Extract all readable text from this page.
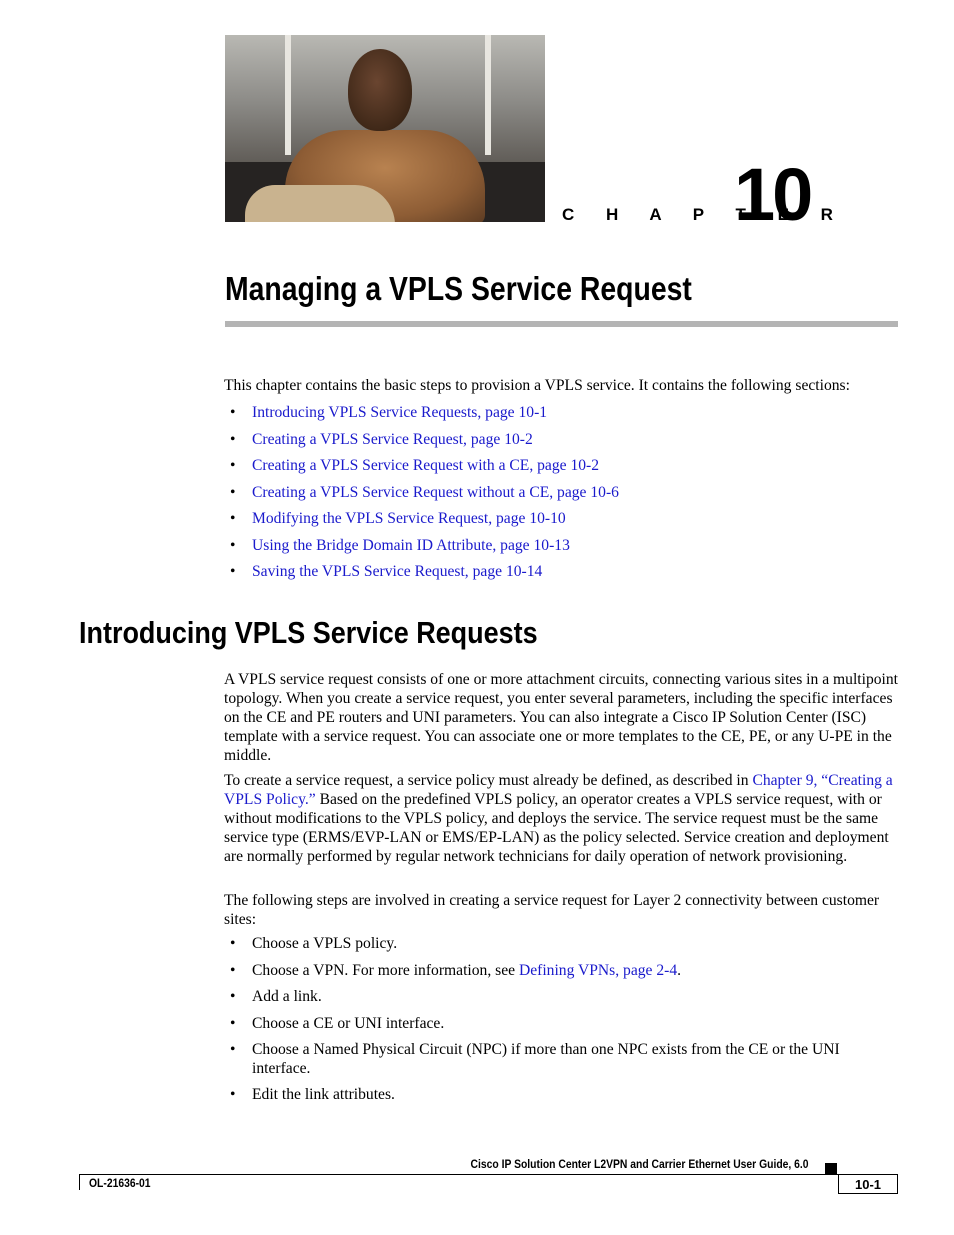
C H A P T E R
10
Managing a VPLS Service Request

This chapter contains the basic steps to provision a VPLS service. It contains the following sections:

• Introducing VPLS Service Requests, page 10-1
• Creating a VPLS Service Request, page 10-2
• Creating a VPLS Service Request with a CE, page 10-2
• Creating a VPLS Service Request without a CE, page 10-6
• Modifying the VPLS Service Request, page 10-10
• Using the Bridge Domain ID Attribute, page 10-13
• Saving the VPLS Service Request, page 10-14
Introducing VPLS Service Requests

A VPLS service request consists of one or more attachment circuits, connecting various sites in a multipoint topology. When you create a service request, you enter several parameters, including the specific interfaces on the CE and PE routers and UNI parameters. You can also integrate a Cisco IP Solution Center (ISC) template with a service request. You can associate one or more templates to the CE, PE, or any U-PE in the middle.

To create a service request, a service policy must already be defined, as described in Chapter 9, “Creating a VPLS Policy.” Based on the predefined VPLS policy, an operator creates a VPLS service request, with or without modifications to the VPLS policy, and deploys the service. The service request must be the same service type (ERMS/EVP-LAN or EMS/EP-LAN) as the policy selected. Service creation and deployment are normally performed by regular network technicians for daily operation of network provisioning.

The following steps are involved in creating a service request for Layer 2 connectivity between customer sites:

• Choose a VPLS policy.
• Choose a VPN. For more information, see Defining VPNs, page 2-4.
• Add a link.
• Choose a CE or UNI interface.
• Choose a Named Physical Circuit (NPC) if more than one NPC exists from the CE or the UNI interface.
• Edit the link attributes.
Cisco IP Solution Center L2VPN and Carrier Ethernet User Guide, 6.0
OL-21636-01	10-1
